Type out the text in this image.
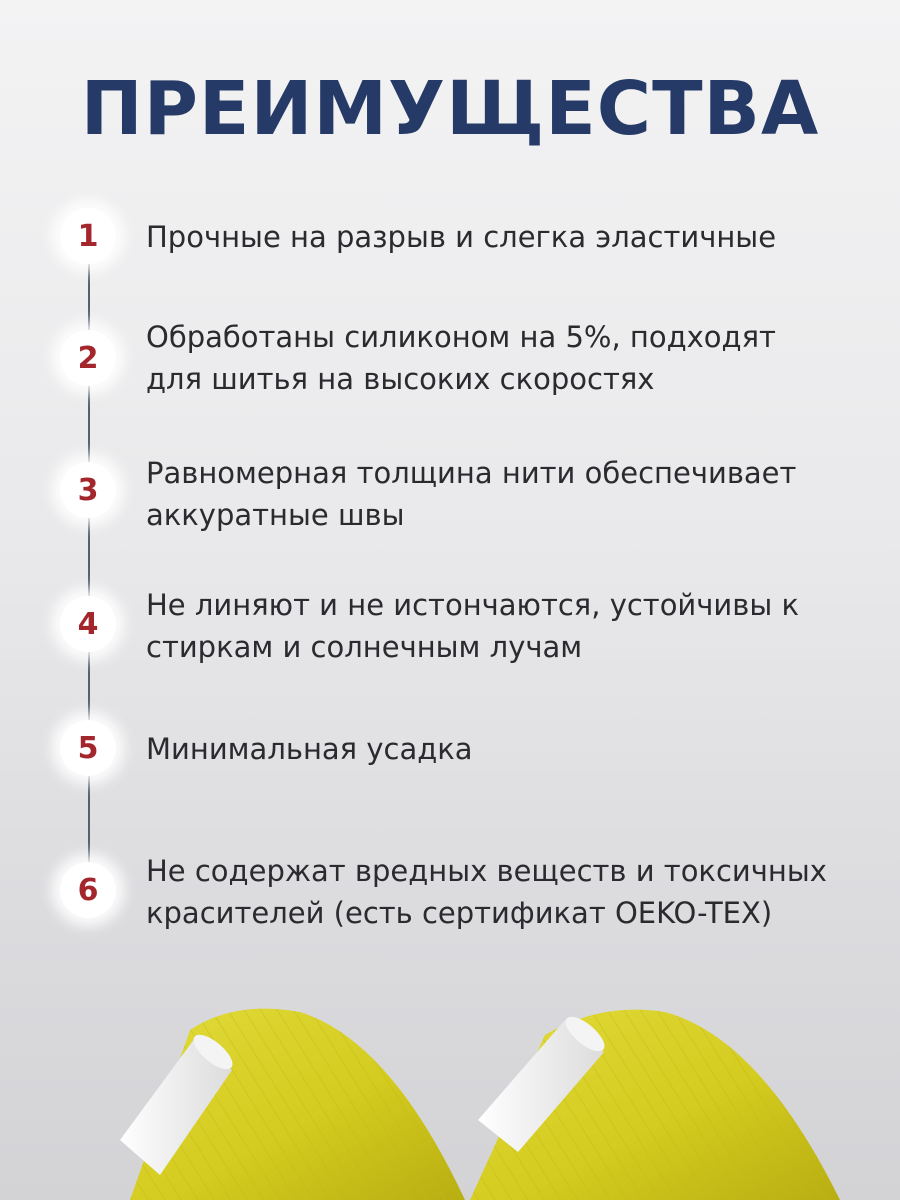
ПРЕИМУЩЕСТВА
1	Прочные на разрыв и слегка эластичные
2
Обработаны силиконом на 5%, подходят для шитья на высоких скоростях
3	Равномерная толщина нити обеспечивает аккуратные швы
4
Не линяют и не истончаются, устойчивы к стиркам и солнечным лучам
5	Минимальная усадка
6
Не содержат вредных веществ и токсичных красителей (есть сертификат OEKO-TEX)
